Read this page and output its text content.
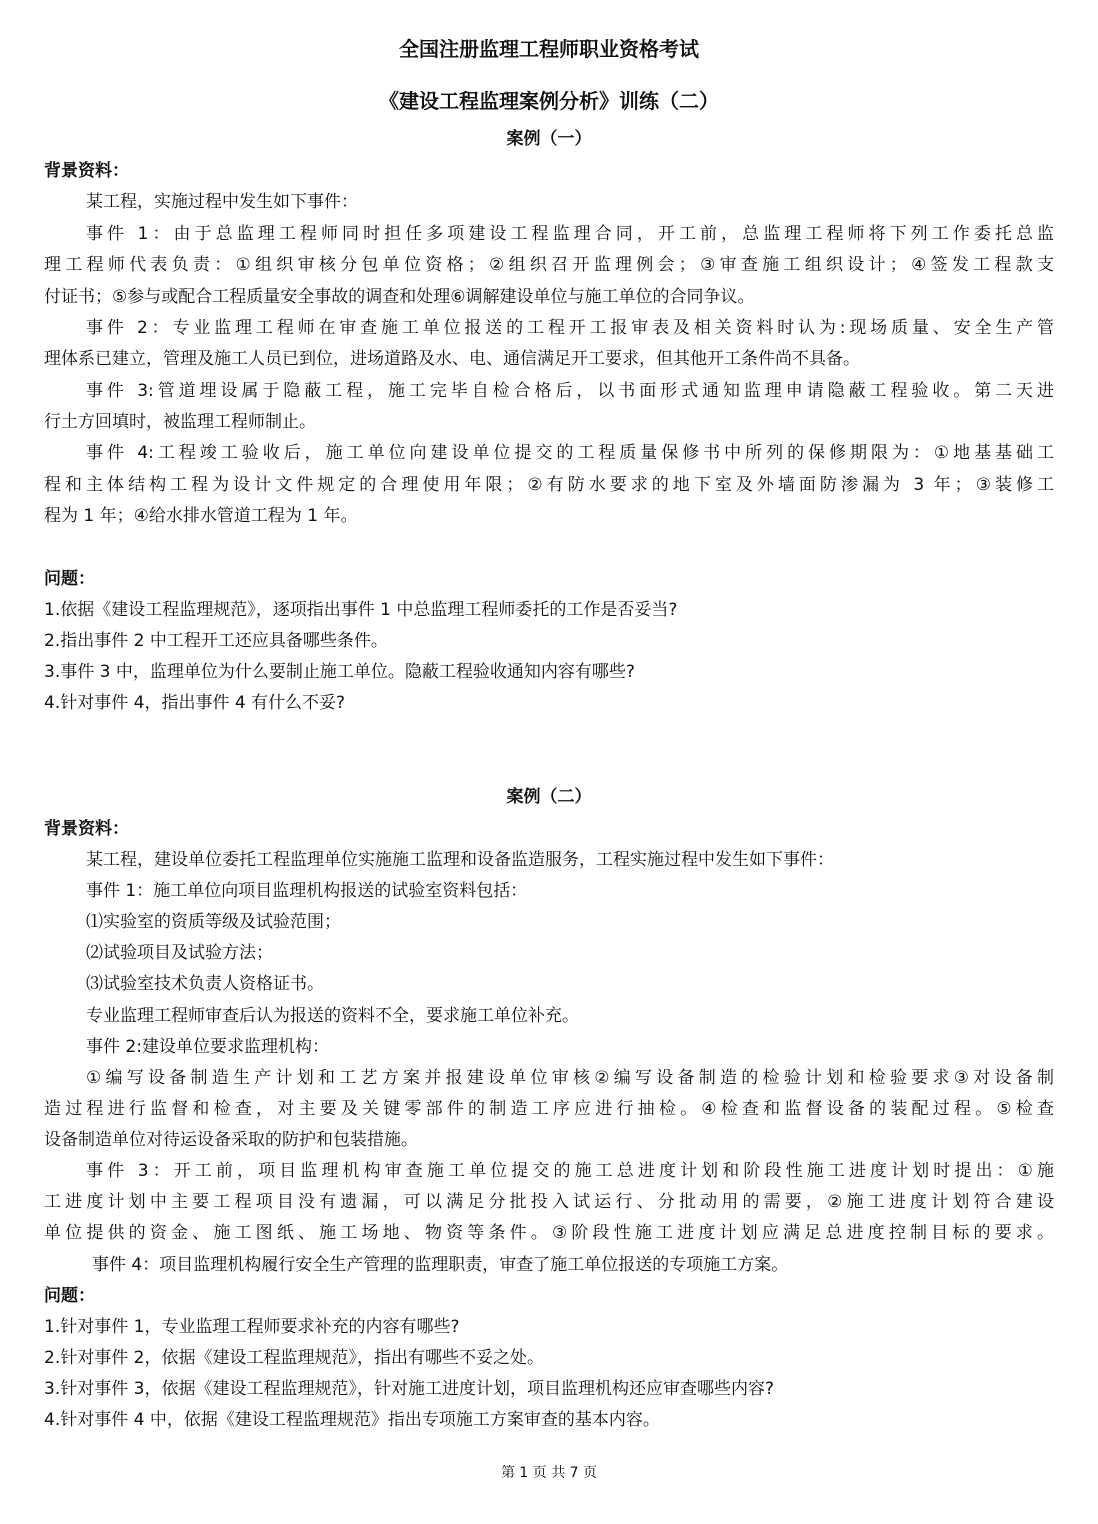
全国注册监理工程师职业资格考试
《建设工程监理案例分析》训练（二）
案例（一）
背景资料：
某工程，实施过程中发生如下事件：
事件 1：由于总监理工程师同时担任多项建设工程监理合同，开工前，总监理工程师将下列工作委托总监
理工程师代表负责：①组织审核分包单位资格；②组织召开监理例会；③审查施工组织设计；④签发工程款支
付证书；⑤参与或配合工程质量安全事故的调查和处理⑥调解建设单位与施工单位的合同争议。
事件 2：专业监理工程师在审查施工单位报送的工程开工报审表及相关资料时认为:现场质量、安全生产管
理体系已建立，管理及施工人员已到位，进场道路及水、电、通信满足开工要求，但其他开工条件尚不具备。
事件 3:管道埋设属于隐蔽工程，施工完毕自检合格后，以书面形式通知监理申请隐蔽工程验收。第二天进
行土方回填时，被监理工程师制止。
事件 4:工程竣工验收后，施工单位向建设单位提交的工程质量保修书中所列的保修期限为：①地基基础工
程和主体结构工程为设计文件规定的合理使用年限；②有防水要求的地下室及外墙面防渗漏为 3 年；③装修工
程为 1 年；④给水排水管道工程为 1 年。
问题：
1.依据《建设工程监理规范》，逐项指出事件 1 中总监理工程师委托的工作是否妥当?
2.指出事件 2 中工程开工还应具备哪些条件。
3.事件 3 中，监理单位为什么要制止施工单位。隐蔽工程验收通知内容有哪些?
4.针对事件 4，指出事件 4 有什么不妥?
案例（二）
背景资料：
某工程，建设单位委托工程监理单位实施施工监理和设备监造服务，工程实施过程中发生如下事件：
事件 1：施工单位向项目监理机构报送的试验室资料包括：
⑴实验室的资质等级及试验范围；
⑵试验项目及试验方法；
⑶试验室技术负责人资格证书。
专业监理工程师审查后认为报送的资料不全，要求施工单位补充。
事件 2:建设单位要求监理机构：
①编写设备制造生产计划和工艺方案并报建设单位审核②编写设备制造的检验计划和检验要求③对设备制
造过程进行监督和检查，对主要及关键零部件的制造工序应进行抽检。④检查和监督设备的装配过程。⑤检查
设备制造单位对待运设备采取的防护和包装措施。
事件 3：开工前，项目监理机构审查施工单位提交的施工总进度计划和阶段性施工进度计划时提出：①施
工进度计划中主要工程项目没有遗漏，可以满足分批投入试运行、分批动用的需要，②施工进度计划符合建设
单位提供的资金、施工图纸、施工场地、物资等条件。③阶段性施工进度计划应满足总进度控制目标的要求。
事件 4：项目监理机构履行安全生产管理的监理职责，审查了施工单位报送的专项施工方案。
问题：
1.针对事件 1，专业监理工程师要求补充的内容有哪些?
2.针对事件 2，依据《建设工程监理规范》，指出有哪些不妥之处。
3.针对事件 3，依据《建设工程监理规范》，针对施工进度计划，项目监理机构还应审查哪些内容?
4.针对事件 4 中，依据《建设工程监理规范》指出专项施工方案审查的基本内容。
第 1 页 共 7 页
